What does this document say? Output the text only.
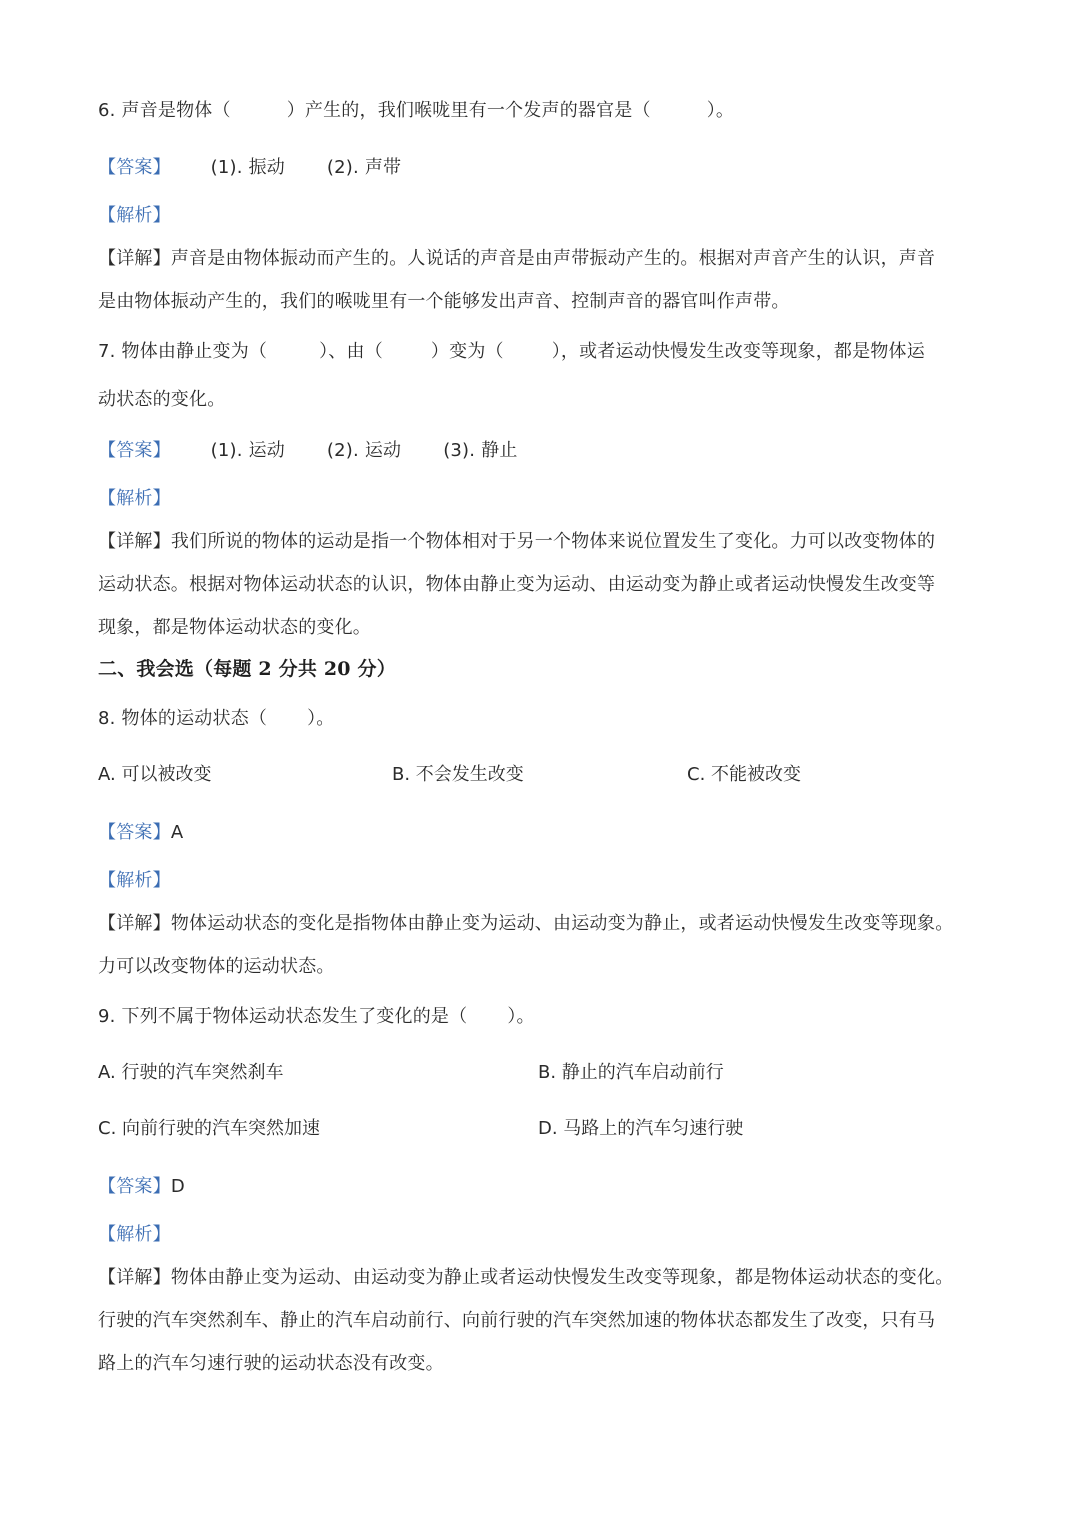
6. 声音是物体（	）产生的，我们喉咙里有一个发声的器官是（	）。
【答案】 (1). 振动 (2). 声带
【解析】
【详解】声音是由物体振动而产生的。人说话的声音是由声带振动产生的。根据对声音产生的认识，声音
是由物体振动产生的，我们的喉咙里有一个能够发出声音、控制声音的器官叫作声带。
7. 物体由静止变为（	）、由（	）变为（	），或者运动快慢发生改变等现象，都是物体运
动状态的变化。
【答案】 (1). 运动 (2). 运动 (3). 静止
【解析】
【详解】我们所说的物体的运动是指一个物体相对于另一个物体来说位置发生了变化。力可以改变物体的
运动状态。根据对物体运动状态的认识，物体由静止变为运动、由运动变为静止或者运动快慢发生改变等
现象，都是物体运动状态的变化。
二、我会选（每题 2 分共 20 分）
8. 物体的运动状态（ ）。
A. 可以被改变	B. 不会发生改变	C. 不能被改变
【答案】A
【解析】
【详解】物体运动状态的变化是指物体由静止变为运动、由运动变为静止，或者运动快慢发生改变等现象。
力可以改变物体的运动状态。
9. 下列不属于物体运动状态发生了变化的是（ ）。
A. 行驶的汽车突然刹车	B. 静止的汽车启动前行
C. 向前行驶的汽车突然加速	D. 马路上的汽车匀速行驶
【答案】D
【解析】
【详解】物体由静止变为运动、由运动变为静止或者运动快慢发生改变等现象，都是物体运动状态的变化。
行驶的汽车突然刹车、静止的汽车启动前行、向前行驶的汽车突然加速的物体状态都发生了改变，只有马
路上的汽车匀速行驶的运动状态没有改变。
